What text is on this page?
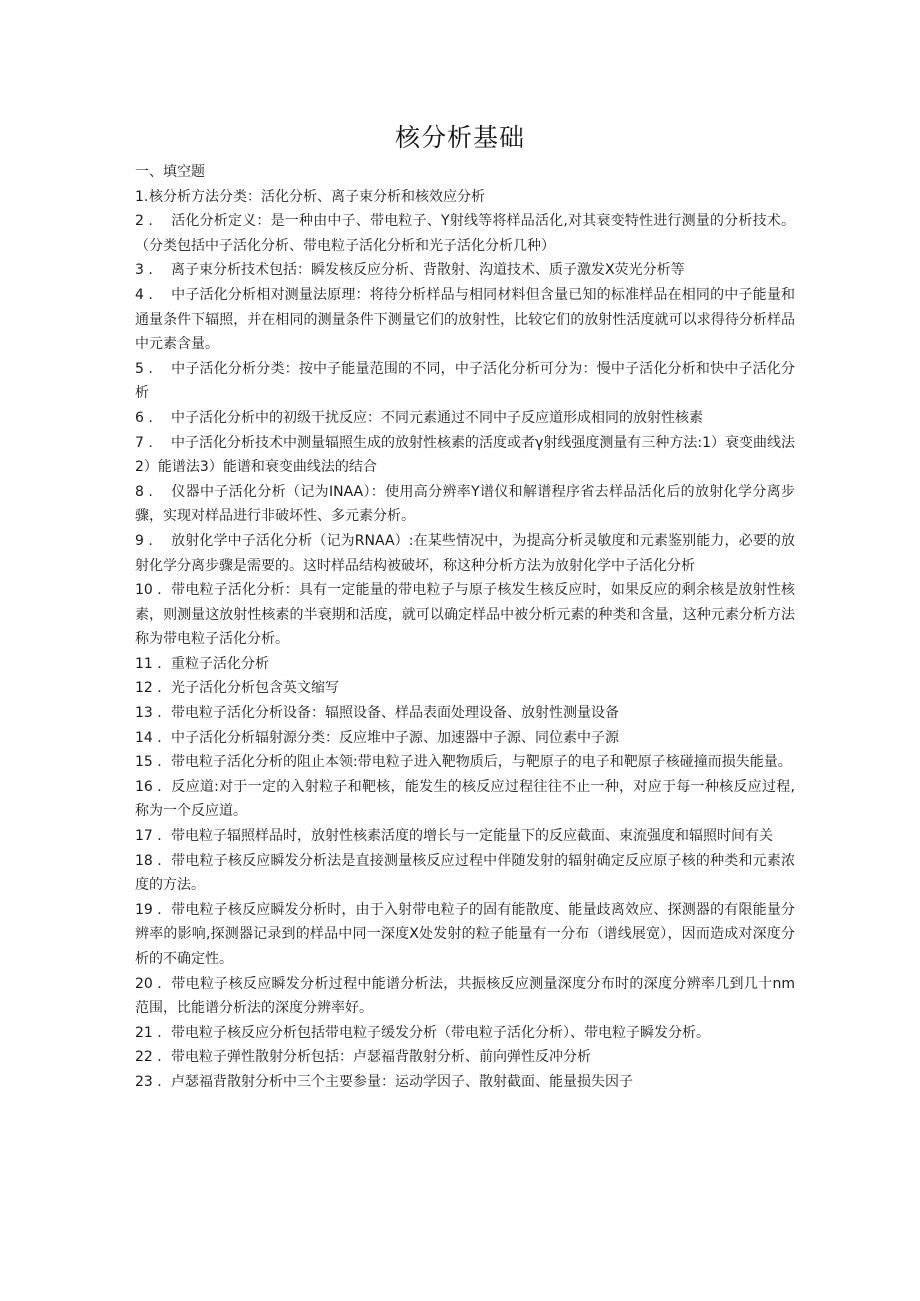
核分析基础
一、填空题
1.核分析方法分类：活化分析、离子束分析和核效应分析
2 . 活化分析定义：是一种由中子、带电粒子、Y射线等将样品活化,对其衰变特性进行测量的分析技术。（分类包括中子活化分析、带电粒子活化分析和光子活化分析几种）
3 . 离子束分析技术包括：瞬发核反应分析、背散射、沟道技术、质子激发X荧光分析等
4 . 中子活化分析相对测量法原理：将待分析样品与相同材料但含量已知的标准样品在相同的中子能量和通量条件下辐照，并在相同的测量条件下测量它们的放射性，比较它们的放射性活度就可以求得待分析样品中元素含量。
5 . 中子活化分析分类：按中子能量范围的不同，中子活化分析可分为：慢中子活化分析和快中子活化分析
6 . 中子活化分析中的初级干扰反应：不同元素通过不同中子反应道形成相同的放射性核素
7 . 中子活化分析技术中测量辐照生成的放射性核素的活度或者γ射线强度测量有三种方法:1）衰变曲线法2）能谱法3）能谱和衰变曲线法的结合
8 . 仪器中子活化分析（记为INAA）：使用高分辨率Y谱仪和解谱程序省去样品活化后的放射化学分离步骤，实现对样品进行非破坏性、多元素分析。
9 . 放射化学中子活化分析（记为RNAA）:在某些情况中，为提高分析灵敏度和元素鉴别能力，必要的放射化学分离步骤是需要的。这时样品结构被破坏，称这种分析方法为放射化学中子活化分析
10 . 带电粒子活化分析：具有一定能量的带电粒子与原子核发生核反应时，如果反应的剩余核是放射性核素，则测量这放射性核素的半衰期和活度，就可以确定样品中被分析元素的种类和含量，这种元素分析方法称为带电粒子活化分析。
11 . 重粒子活化分析
12 . 光子活化分析包含英文缩写
13 . 带电粒子活化分析设备：辐照设备、样品表面处理设备、放射性测量设备
14 . 中子活化分析辐射源分类：反应堆中子源、加速器中子源、同位素中子源
15 . 带电粒子活化分析的阻止本领:带电粒子进入靶物质后，与靶原子的电子和靶原子核碰撞而损失能量。
16 . 反应道:对于一定的入射粒子和靶核，能发生的核反应过程往往不止一种，对应于每一种核反应过程,称为一个反应道。
17 . 带电粒子辐照样品时，放射性核素活度的增长与一定能量下的反应截面、束流强度和辐照时间有关
18 . 带电粒子核反应瞬发分析法是直接测量核反应过程中伴随发射的辐射确定反应原子核的种类和元素浓度的方法。
19 . 带电粒子核反应瞬发分析时，由于入射带电粒子的固有能散度、能量歧离效应、探测器的有限能量分辨率的影响,探测器记录到的样品中同一深度X处发射的粒子能量有一分布（谱线展宽），因而造成对深度分析的不确定性。
20 . 带电粒子核反应瞬发分析过程中能谱分析法，共振核反应测量深度分布时的深度分辨率几到几十nm范围，比能谱分析法的深度分辨率好。
21 . 带电粒子核反应分析包括带电粒子缓发分析（带电粒子活化分析）、带电粒子瞬发分析。
22 . 带电粒子弹性散射分析包括：卢瑟福背散射分析、前向弹性反冲分析
23 . 卢瑟福背散射分析中三个主要参量：运动学因子、散射截面、能量损失因子
